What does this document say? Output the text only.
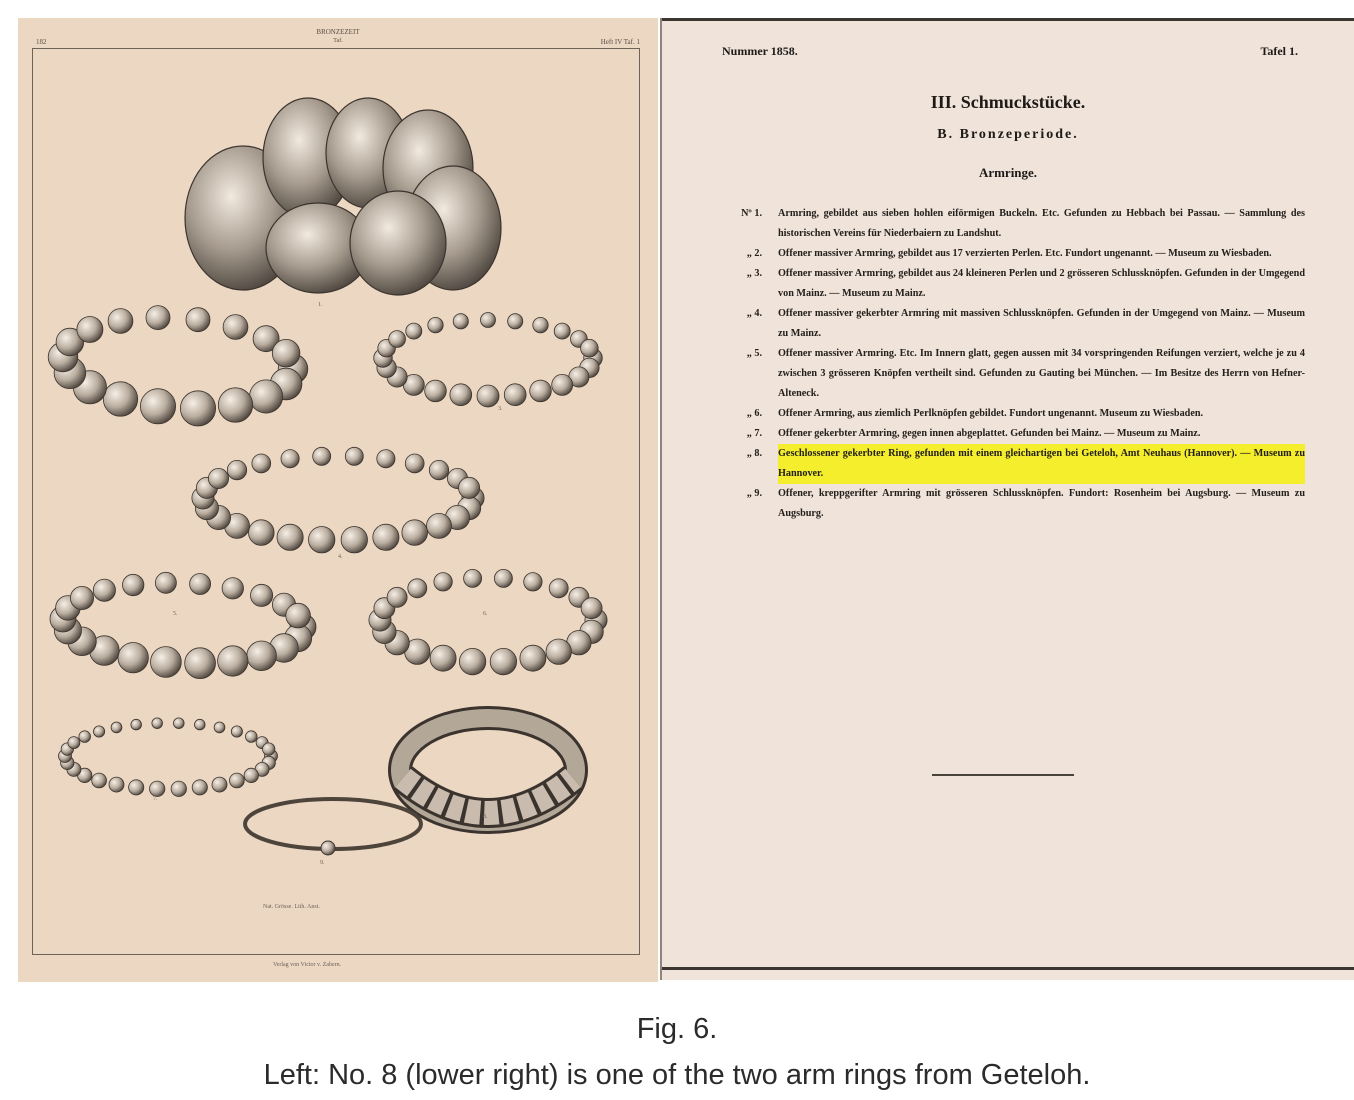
182
BRONZEZEIT
Taf.	Heft IV Taf. 1
1.
2.
3.
4.
5.	6.
7.
8.
9.
Nat. Grösse. Lith. Anst.
Verlag von Victor v. Zabern.
Nummer 1858.	Tafel 1.
III. Schmuckstücke.
B. Bronzeperiode.
Armringe.
Nº 1. Armring, gebildet aus sieben hohlen eiförmigen Buckeln. Etc. Gefunden zu Hebbach bei Passau. — Sammlung des historischen Vereins für Niederbaiern zu Landshut.
„ 2. Offener massiver Armring, gebildet aus 17 verzierten Perlen. Etc. Fundort ungenannt. — Museum zu Wiesbaden.
„ 3. Offener massiver Armring, gebildet aus 24 kleineren Perlen und 2 grösseren Schlussknöpfen. Gefunden in der Umgegend von Mainz. — Museum zu Mainz.
„ 4. Offener massiver gekerbter Armring mit massiven Schlussknöpfen. Gefunden in der Umgegend von Mainz. — Museum zu Mainz.
„ 5. Offener massiver Armring. Etc. Im Innern glatt, gegen aussen mit 34 vorspringenden Reifungen verziert, welche je zu 4 zwischen 3 grösseren Knöpfen vertheilt sind. Gefunden zu Gauting bei München. — Im Besitze des Herrn von Hefner-Alteneck.
„ 6. Offener Armring, aus ziemlich Perlknöpfen gebildet. Fundort ungenannt. Museum zu Wiesbaden.
„ 7. Offener gekerbter Armring, gegen innen abgeplattet. Gefunden bei Mainz. — Museum zu Mainz.
„ 8. Geschlossener gekerbter Ring, gefunden mit einem gleichartigen bei Geteloh, Amt Neuhaus (Hannover). — Museum zu Hannover.
„ 9. Offener, kreppgerifter Armring mit grösseren Schlussknöpfen. Fundort: Rosenheim bei Augsburg. — Museum zu Augsburg.
Fig. 6.
Left: No. 8 (lower right) is one of the two arm rings from Geteloh.
